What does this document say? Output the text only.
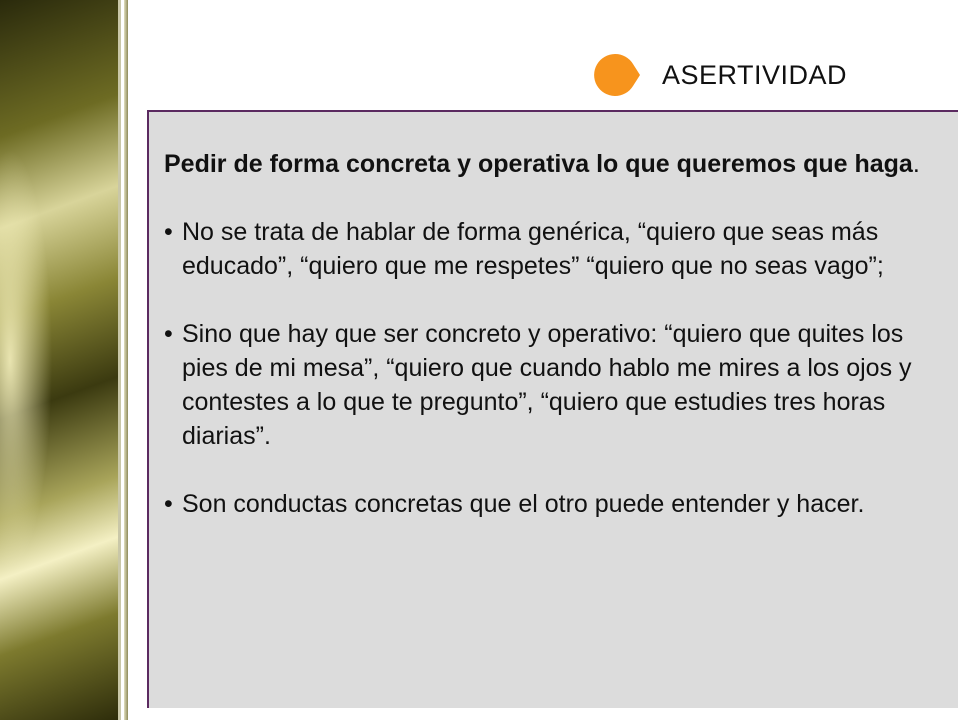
ASERTIVIDAD

Pedir de forma concreta y operativa lo que queremos que haga.

• No se trata de hablar de forma genérica, “quiero que seas más educado”, “quiero que me respetes” “quiero que no seas vago”;

• Sino que hay que ser concreto y operativo: “quiero que quites los pies de mi mesa”, “quiero que cuando hablo me mires a los ojos y contestes a lo que te pregunto”, “quiero que estudies tres horas diarias”.

• Son conductas concretas que el otro puede entender y hacer.
